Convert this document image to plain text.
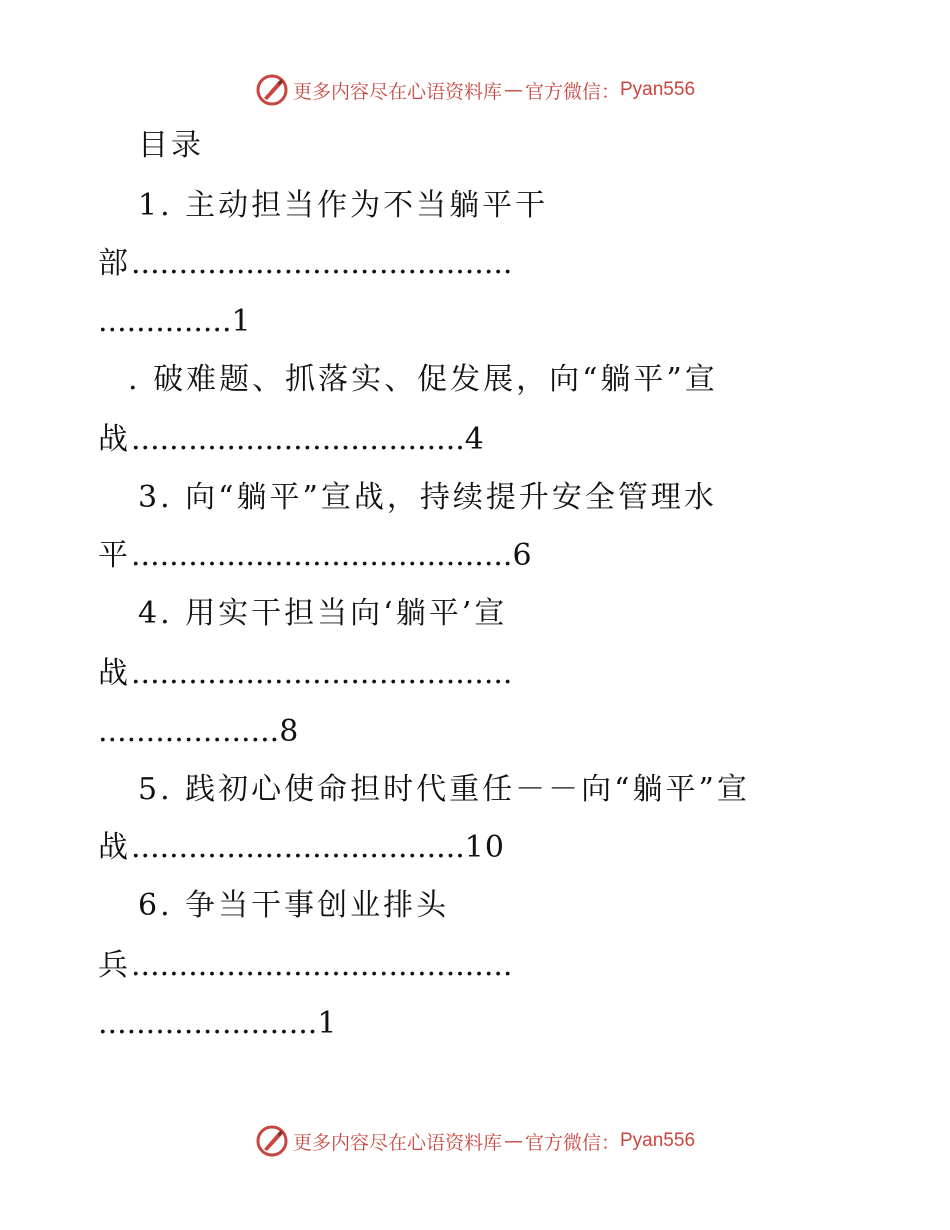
更多内容尽在心语资料库 — 官方微信： Pyan556
目录
1. 主动担当作为不当躺平干
部........................................
..............1
. 破难题、抓落实、促发展，向“躺平”宣
战...................................4
3. 向“躺平”宣战，持续提升安全管理水
平........................................6
4. 用实干担当向‘躺平’宣
战........................................
...................8
5. 践初心使命担时代重任－－向“躺平”宣
战...................................10
6. 争当干事创业排头
兵........................................
.......................1
更多内容尽在心语资料库 — 官方微信： Pyan556
